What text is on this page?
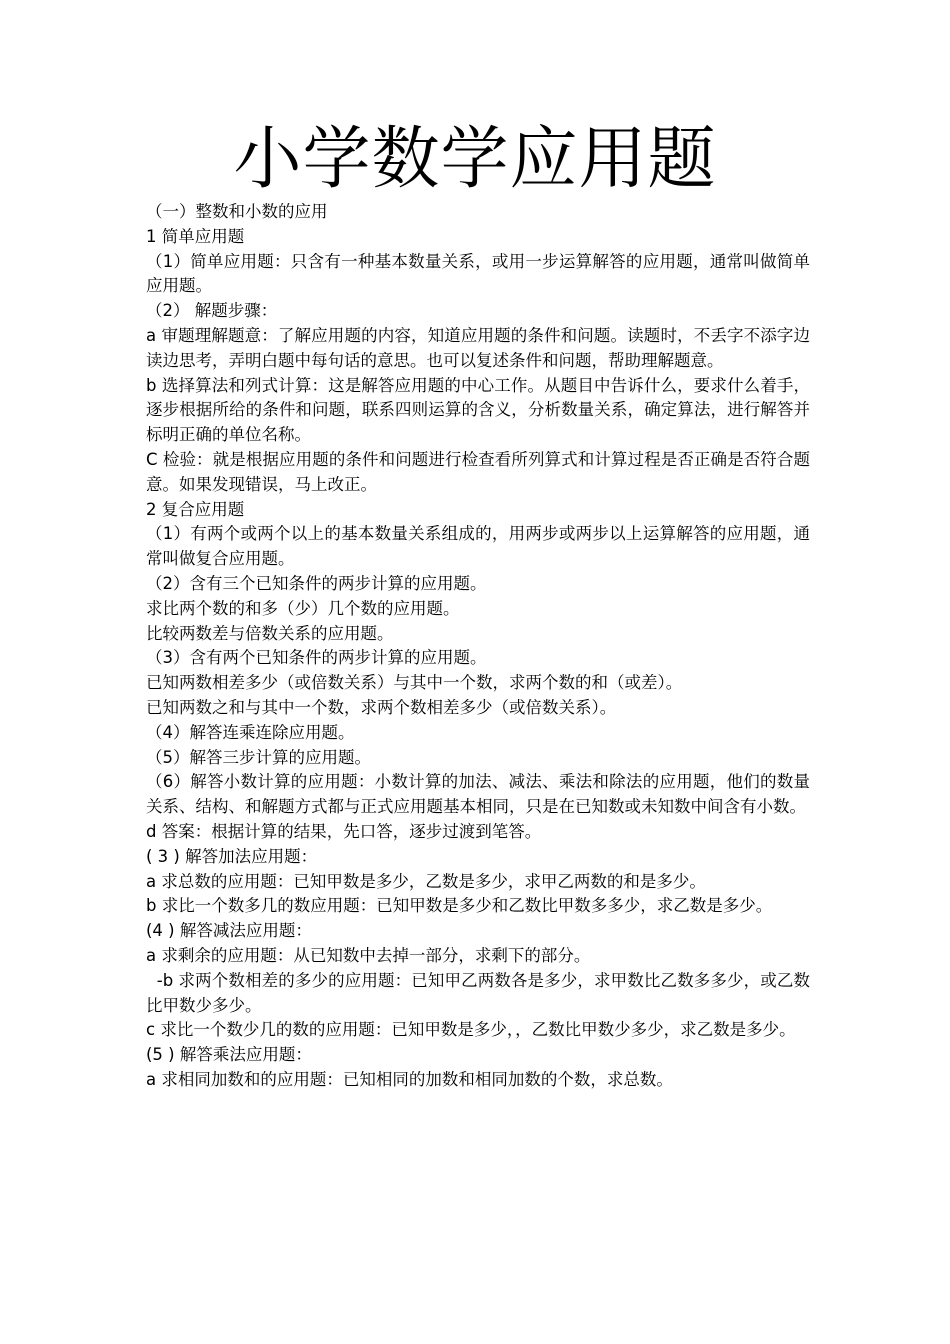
小学数学应用题

（一）整数和小数的应用

1 简单应用题

（1）简单应用题：只含有一种基本数量关系，或用一步运算解答的应用题，通常叫做简单应用题。

（2） 解题步骤：

a 审题理解题意：了解应用题的内容，知道应用题的条件和问题。读题时，不丢字不添字边读边思考，弄明白题中每句话的意思。也可以复述条件和问题，帮助理解题意。

b 选择算法和列式计算：这是解答应用题的中心工作。从题目中告诉什么，要求什么着手，逐步根据所给的条件和问题，联系四则运算的含义，分析数量关系，确定算法，进行解答并标明正确的单位名称。

C 检验：就是根据应用题的条件和问题进行检查看所列算式和计算过程是否正确是否符合题意。如果发现错误，马上改正。

2 复合应用题

（1）有两个或两个以上的基本数量关系组成的，用两步或两步以上运算解答的应用题，通常叫做复合应用题。

（2）含有三个已知条件的两步计算的应用题。

求比两个数的和多（少）几个数的应用题。

比较两数差与倍数关系的应用题。

（3）含有两个已知条件的两步计算的应用题。

已知两数相差多少（或倍数关系）与其中一个数，求两个数的和（或差）。

已知两数之和与其中一个数，求两个数相差多少（或倍数关系）。

（4）解答连乘连除应用题。

（5）解答三步计算的应用题。

（6）解答小数计算的应用题：小数计算的加法、减法、乘法和除法的应用题，他们的数量关系、结构、和解题方式都与正式应用题基本相同，只是在已知数或未知数中间含有小数。

d 答案：根据计算的结果，先口答，逐步过渡到笔答。

( 3 ) 解答加法应用题：

a 求总数的应用题：已知甲数是多少，乙数是多少，求甲乙两数的和是多少。

b 求比一个数多几的数应用题：已知甲数是多少和乙数比甲数多多少，求乙数是多少。

(4 ) 解答减法应用题：

a 求剩余的应用题：从已知数中去掉一部分，求剩下的部分。

-b 求两个数相差的多少的应用题：已知甲乙两数各是多少，求甲数比乙数多多少，或乙数比甲数少多少。

c 求比一个数少几的数的应用题：已知甲数是多少，，乙数比甲数少多少，求乙数是多少。

(5 ) 解答乘法应用题：

a 求相同加数和的应用题：已知相同的加数和相同加数的个数，求总数。
